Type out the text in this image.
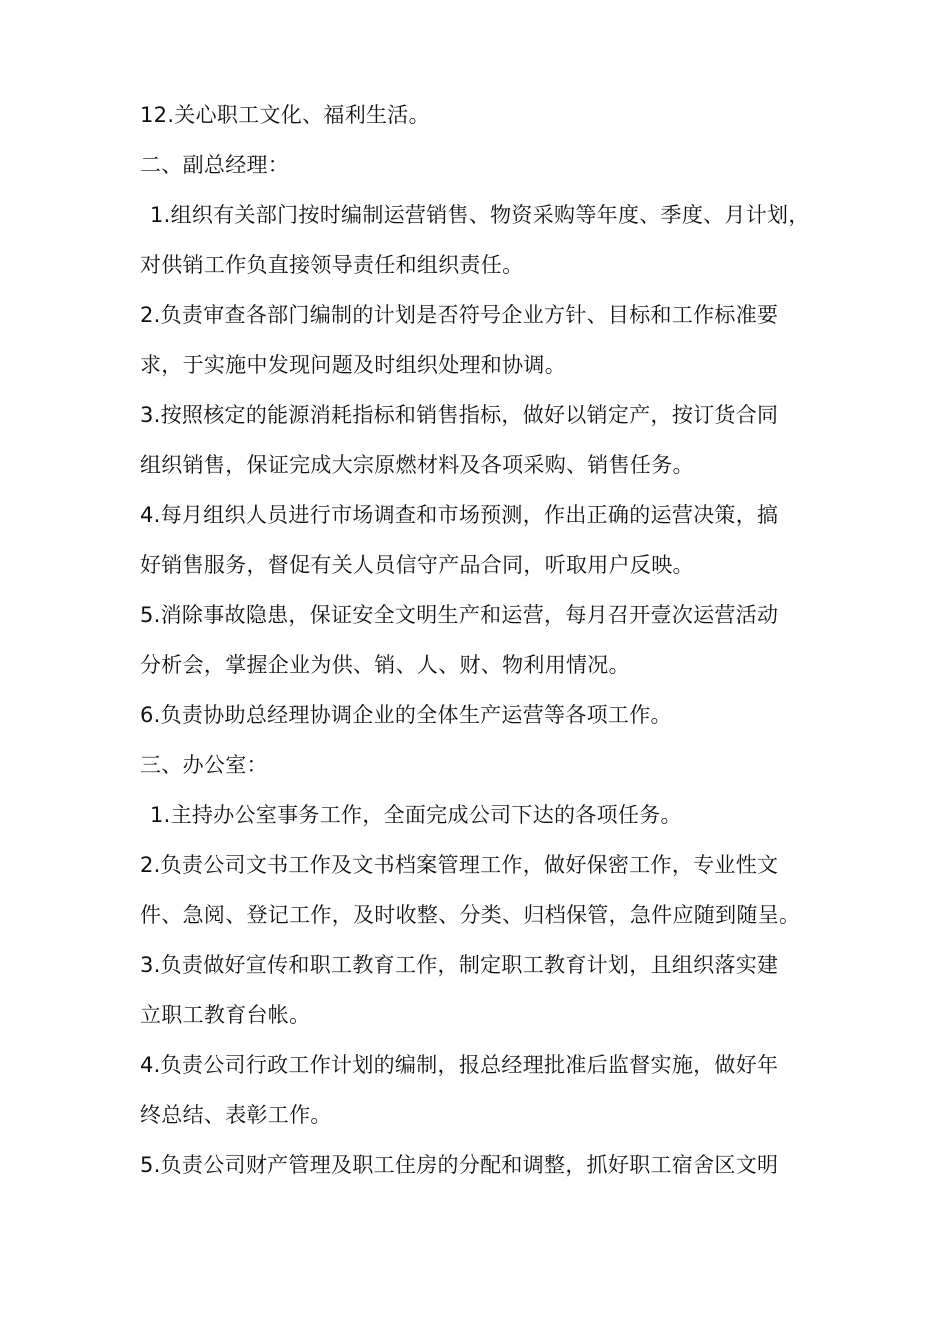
12.关心职工文化、福利生活。
二、副总经理：
1.组织有关部门按时编制运营销售、物资采购等年度、季度、月计划，
对供销工作负直接领导责任和组织责任。
2.负责审查各部门编制的计划是否符号企业方针、目标和工作标准要
求，于实施中发现问题及时组织处理和协调。
3.按照核定的能源消耗指标和销售指标，做好以销定产，按订货合同
组织销售，保证完成大宗原燃材料及各项采购、销售任务。
4.每月组织人员进行市场调查和市场预测，作出正确的运营决策，搞
好销售服务，督促有关人员信守产品合同，听取用户反映。
5.消除事故隐患，保证安全文明生产和运营，每月召开壹次运营活动
分析会，掌握企业为供、销、人、财、物利用情况。
6.负责协助总经理协调企业的全体生产运营等各项工作。
三、办公室：
1.主持办公室事务工作，全面完成公司下达的各项任务。
2.负责公司文书工作及文书档案管理工作，做好保密工作，专业性文
件、急阅、登记工作，及时收整、分类、归档保管，急件应随到随呈。
3.负责做好宣传和职工教育工作，制定职工教育计划，且组织落实建
立职工教育台帐。
4.负责公司行政工作计划的编制，报总经理批准后监督实施，做好年
终总结、表彰工作。
5.负责公司财产管理及职工住房的分配和调整，抓好职工宿舍区文明
